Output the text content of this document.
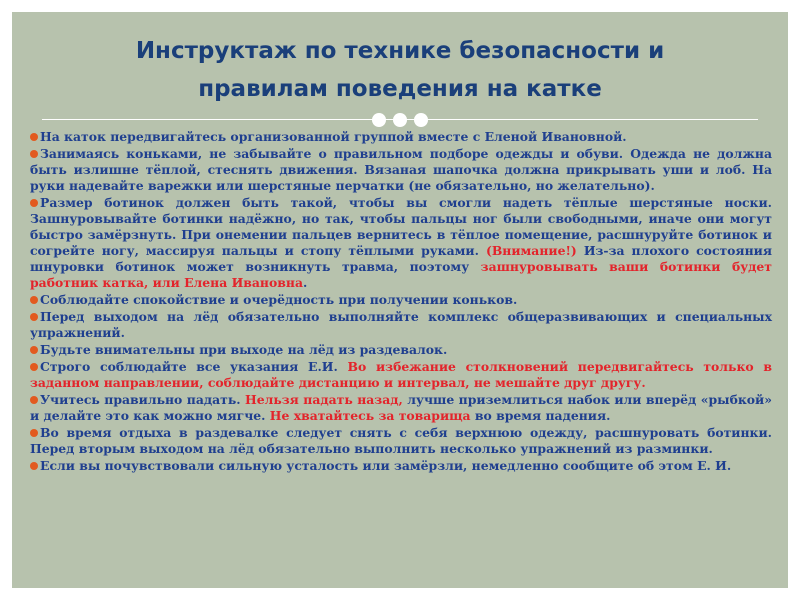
Инструктаж по технике безопасности и
правилам поведения на катке
На каток передвигайтесь организованной группой вместе с Еленой Ивановной.
Занимаясь коньками, не забывайте о правильном подборе одежды и обуви. Одежда не должна быть излишне тёплой, стеснять движения. Вязаная шапочка должна прикрывать уши и лоб. На руки надевайте варежки или шерстяные перчатки (не обязательно, но желательно).
Размер ботинок должен быть такой, чтобы вы смогли надеть тёплые шерстяные носки. Зашнуровывайте ботинки надёжно, но так, чтобы пальцы ног были свободными, иначе они могут быстро замёрзнуть. При онемении пальцев вернитесь в тёплое помещение, расшнуруйте ботинок и согрейте ногу, массируя пальцы и стопу тёплыми руками. (Внимание!) Из-за плохого состояния шнуровки ботинок может возникнуть травма, поэтому зашнуровывать ваши ботинки будет работник катка, или Елена Ивановна.
Соблюдайте спокойствие и очерёдность при получении коньков.
Перед выходом на лёд обязательно выполняйте комплекс общеразвивающих и специальных упражнений.
Будьте внимательны при выходе на лёд из раздевалок.
Строго соблюдайте все указания Е.И. Во избежание столкновений передвигайтесь только в заданном направлении, соблюдайте дистанцию и интервал, не мешайте друг другу.
Учитесь правильно падать. Нельзя падать назад, лучше приземлиться набок или вперёд «рыбкой» и делайте это как можно мягче. Не хватайтесь за товарища во время падения.
Во время отдыха в раздевалке следует снять с себя верхнюю одежду, расшнуровать ботинки. Перед вторым выходом на лёд обязательно выполнить несколько упражнений из разминки.
Если вы почувствовали сильную усталость или замёрзли, немедленно сообщите об этом Е. И.
